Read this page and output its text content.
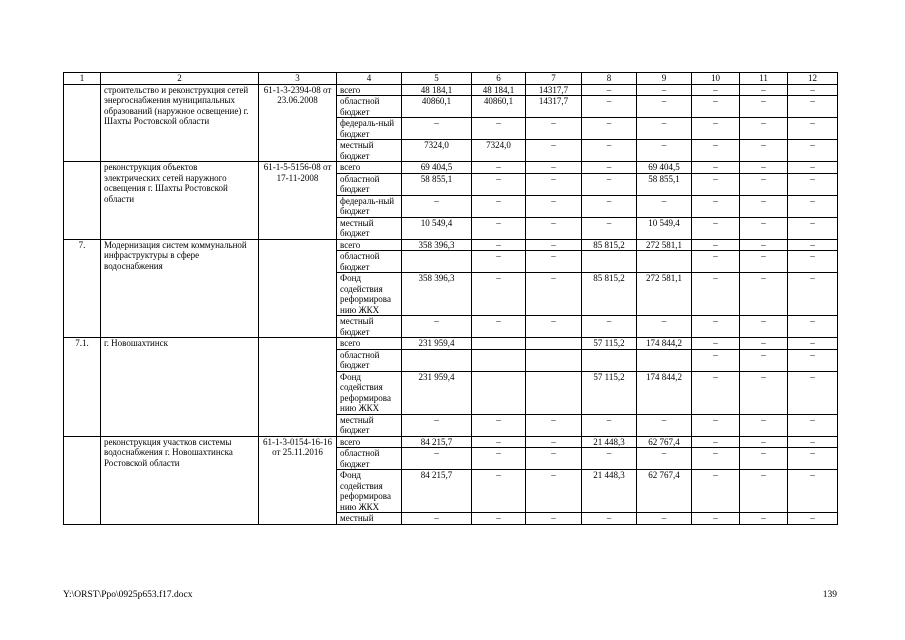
1	2	3	4	5	6	7	8	9	10	11	12
	строительство и реконструкция сетей энергоснабжения муниципальных образований (наружное освещение) г. Шахты Ростовской области	61-1-3-2394-08 от 23.06.2008	всего	48 184,1	48 184,1	14317,7	–	–	–	–	–
			областной бюджет	40860,1	40860,1	14317,7	–	–	–	–	–
			федераль-ный бюджет	–	–	–	–	–	–	–	–
			местный бюджет	7324,0	7324,0	–	–	–	–	–	–
	реконструкция объектов электрических сетей наружного освещения г. Шахты Ростовской области	61-1-5-5156-08 от 17-11-2008	всего	69 404,5	–	–	–	69 404,5	–	–	–
			областной бюджет	58 855,1	–	–	–	58 855,1	–	–	–
			федераль-ный бюджет	–	–	–	–	–	–	–	–
			местный бюджет	10 549,4	–	–	–	10 549,4	–	–	–
7.	Модернизация систем коммунальной инфраструктуры в сфере водоснабжения		всего	358 396,3	–	–	85 815,2	272 581,1	–	–	–
			областной бюджет		–	–			–	–	–
			Фонд содействия реформирова нию ЖКХ	358 396,3	–	–	85 815,2	272 581,1	–	–	–
			местный бюджет	–	–	–	–	–	–	–	–
7.1.	г. Новошахтинск		всего	231 959,4			57 115,2	174 844,2	–	–	–
			областной бюджет						–	–	–
			Фонд содействия реформирова нию ЖКХ	231 959,4			57 115,2	174 844,2	–	–	–
			местный бюджет	–	–	–	–	–	–	–	–
	реконструкция участков системы водоснабжения г. Новошахтинска Ростовской области	61-1-3-0154-16-16 от 25.11.2016	всего	84 215,7	–	–	21 448,3	62 767,4	–	–	–
			областной бюджет	–	–	–	–	–	–	–	–
			Фонд содействия реформирова нию ЖКХ	84 215,7	–	–	21 448,3	62 767,4	–	–	–
			местный	–	–	–	–	–	–	–	–
Y:\ORST\Ppo\0925p653.f17.docx	139
